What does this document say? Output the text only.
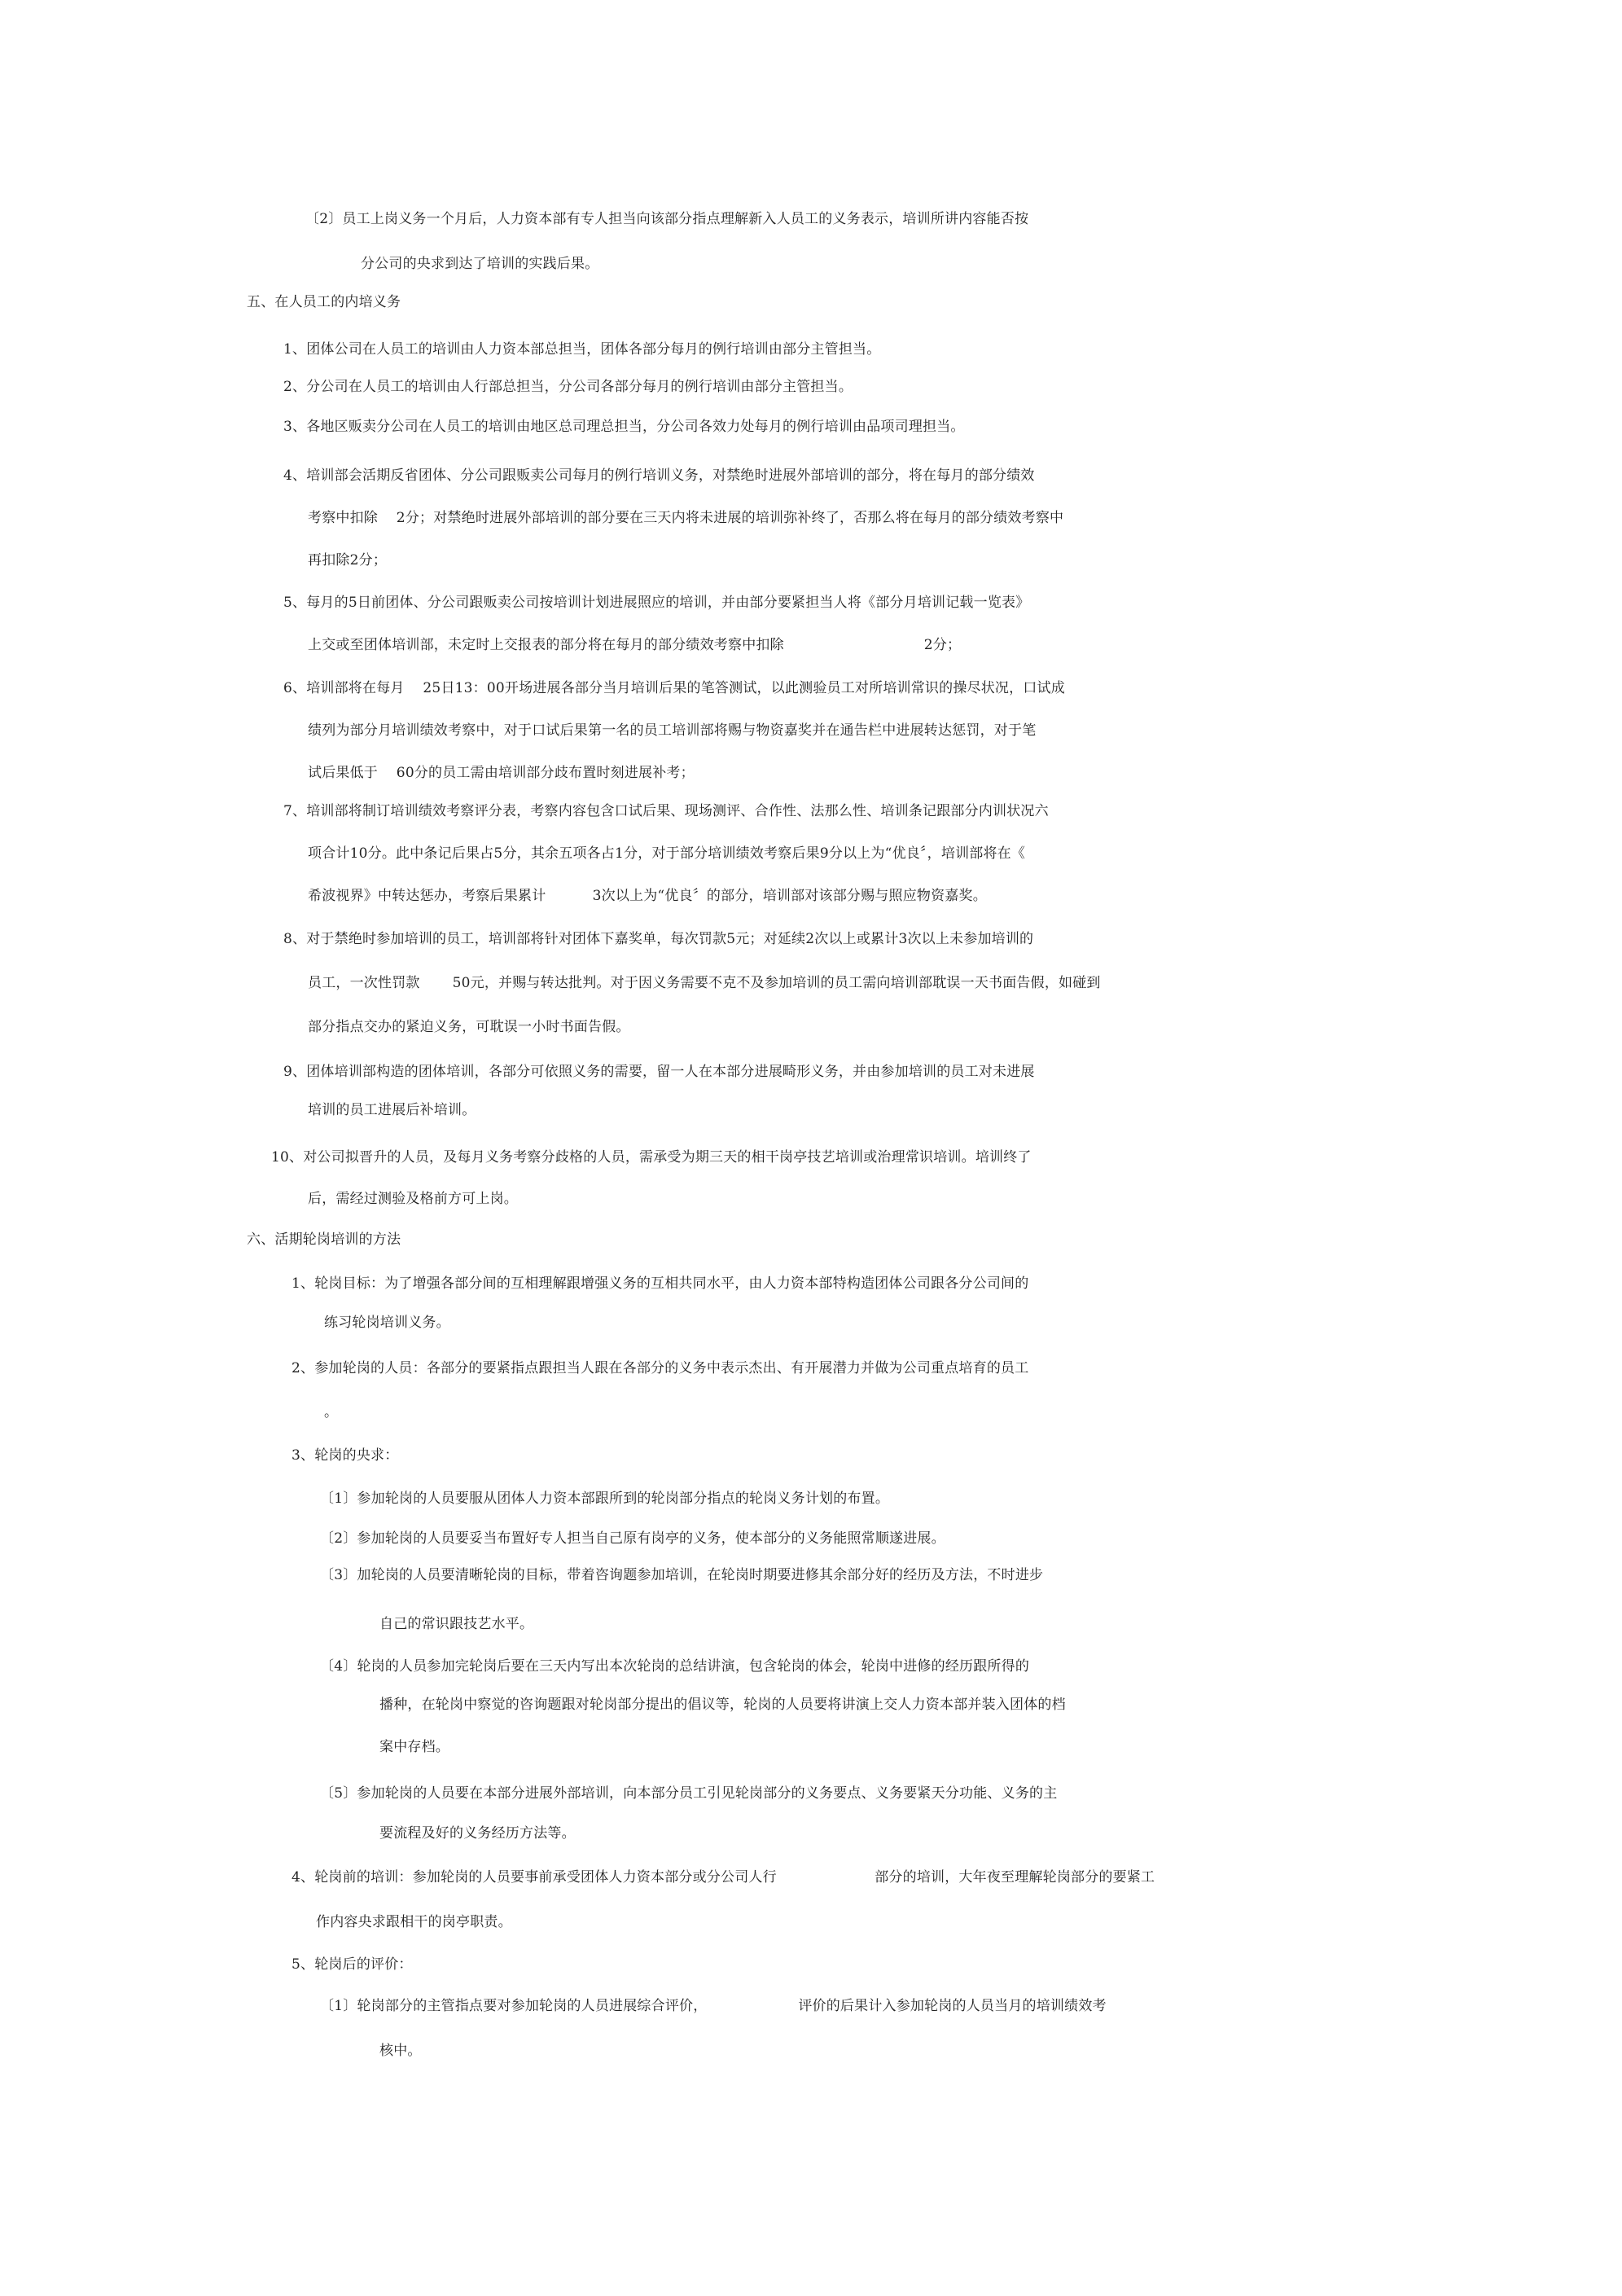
〔2〕员工上岗义务一个月后，人力资本部有专人担当向该部分指点理解新入人员工的义务表示，培训所讲内容能否按
分公司的央求到达了培训的实践后果。
五、在人员工的内培义务
1、团体公司在人员工的培训由人力资本部总担当，团体各部分每月的例行培训由部分主管担当。
2、分公司在人员工的培训由人行部总担当，分公司各部分每月的例行培训由部分主管担当。
3、各地区贩卖分公司在人员工的培训由地区总司理总担当，分公司各效力处每月的例行培训由品项司理担当。
4、培训部会活期反省团体、分公司跟贩卖公司每月的例行培训义务，对禁绝时进展外部培训的部分，将在每月的部分绩效
考察中扣除　 2分；对禁绝时进展外部培训的部分要在三天内将未进展的培训弥补终了，否那么将在每月的部分绩效考察中
再扣除2分；
5、每月的5日前团体、分公司跟贩卖公司按培训计划进展照应的培训，并由部分要紧担当人将《部分月培训记载一览表》
上交或至团体培训部，未定时上交报表的部分将在每月的部分绩效考察中扣除　　　　　　　　　　2分；
6、培训部将在每月　 25日13：00开场进展各部分当月培训后果的笔答测试，以此测验员工对所培训常识的操尽状况，口试成
绩列为部分月培训绩效考察中，对于口试后果第一名的员工培训部将赐与物资嘉奖并在通告栏中进展转达惩罚，对于笔
试后果低于　 60分的员工需由培训部分歧布置时刻进展补考；
7、培训部将制订培训绩效考察评分表，考察内容包含口试后果、现场测评、合作性、法那么性、培训条记跟部分内训状况六
项合计10分。此中条记后果占5分，其余五项各占1分，对于部分培训绩效考察后果9分以上为“优良〞，培训部将在《
希波视界》中转达惩办，考察后果累计　　　 3次以上为“优良〞的部分，培训部对该部分赐与照应物资嘉奖。
8、对于禁绝时参加培训的员工，培训部将针对团体下嘉奖单，每次罚款5元；对延续2次以上或累计3次以上未参加培训的
员工，一次性罚款　　 50元，并赐与转达批判。对于因义务需要不克不及参加培训的员工需向培训部耽误一天书面告假，如碰到
部分指点交办的紧迫义务，可耽误一小时书面告假。
9、团体培训部构造的团体培训，各部分可依照义务的需要，留一人在本部分进展畸形义务，并由参加培训的员工对未进展
培训的员工进展后补培训。
10、对公司拟晋升的人员，及每月义务考察分歧格的人员，需承受为期三天的相干岗亭技艺培训或治理常识培训。培训终了
后，需经过测验及格前方可上岗。
六、活期轮岗培训的方法
1、轮岗目标：为了增强各部分间的互相理解跟增强义务的互相共同水平，由人力资本部特构造团体公司跟各分公司间的
练习轮岗培训义务。
2、参加轮岗的人员：各部分的要紧指点跟担当人跟在各部分的义务中表示杰出、有开展潜力并做为公司重点培育的员工
。
3、轮岗的央求：
〔1〕参加轮岗的人员要服从团体人力资本部跟所到的轮岗部分指点的轮岗义务计划的布置。
〔2〕参加轮岗的人员要妥当布置好专人担当自己原有岗亭的义务，使本部分的义务能照常顺遂进展。
〔3〕加轮岗的人员要清晰轮岗的目标，带着咨询题参加培训，在轮岗时期要进修其余部分好的经历及方法，不时进步
自己的常识跟技艺水平。
〔4〕轮岗的人员参加完轮岗后要在三天内写出本次轮岗的总结讲演，包含轮岗的体会，轮岗中进修的经历跟所得的
播种，在轮岗中察觉的咨询题跟对轮岗部分提出的倡议等，轮岗的人员要将讲演上交人力资本部并装入团体的档
案中存档。
〔5〕参加轮岗的人员要在本部分进展外部培训，向本部分员工引见轮岗部分的义务要点、义务要紧天分功能、义务的主
要流程及好的义务经历方法等。
4、轮岗前的培训：参加轮岗的人员要事前承受团体人力资本部分或分公司人行　　　　　　　部分的培训，大年夜至理解轮岗部分的要紧工
作内容央求跟相干的岗亭职责。
5、轮岗后的评价：
〔1〕轮岗部分的主管指点要对参加轮岗的人员进展综合评价，　　　　　　　评价的后果计入参加轮岗的人员当月的培训绩效考
核中。
